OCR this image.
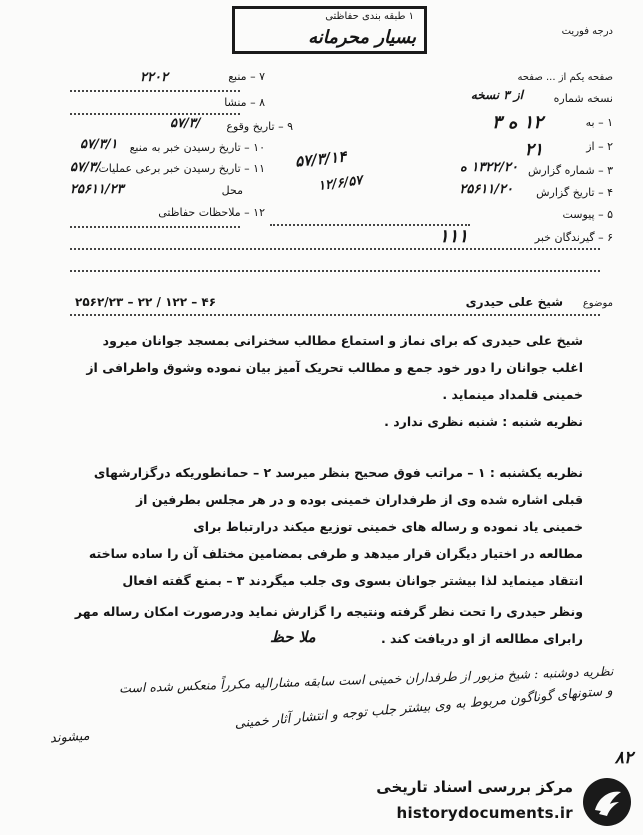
درجه فوریت
۱ طبقه بندی حفاظتی
بسیار محرمانه
۷ – منبع
۲۲۰۲
۸ – منشا
۹ – تاریخ وقوع
۵۷/۳/
۱۰ – تاریخ رسیدن خبر به منبع
۵۷/۳/۱
۱۱ – تاریخ رسیدن خبر برعی عملیات
۵۷/۳/
محل
۲۵۶۱۱/۲۳
۱۲ – ملاحظات حفاظتی
صفحه یکم از ... صفحه
نسخه شماره
از ۳ نسخه
۱ – به
۱۲ ه ۳
۲ – از
۲۱
۳ – شماره گزارش
۱۳۲۲/۲۰ ه
۴ – تاریخ گزارش
۲۵۶۱۱/۲۰
۵ – پیوست
۶ – گیرندگان خبر
۱۱۱
۵۷/۳/۱۴
۱۲/۶/۵۷
موضوع
شیخ علی حیدری
۲۵۶۲/۲۳ – ۲۲ / ۱۲۲ – ۴۶
شیخ علی حیدری که برای نماز و استماع مطالب سخنرانی بمسجد جوانان میرود
اغلب جوانان را دور خود جمع و مطالب تحریک آمیز بیان نموده وشوق واطرافی از
خمینی قلمداد مینماید .
نظریه شنبه : شنبه نظری ندارد .
نظریه یکشنبه : ۱ – مراتب فوق صحیح بنظر میرسد ۲ – حمانطوریکه درگزارشهای
قبلی اشاره شده وی از طرفداران خمینی بوده و در هر مجلس بطرفین از
خمینی یاد نموده و رساله های خمینی توزیع میکند درارتباط برای
مطالعه در اختیار دیگران قرار میدهد و طرفی بمضامین مختلف آن را ساده ساخته
انتقاد مینماید لذا بیشتر جوانان بسوی وی جلب میگردند ۳ – بمنع گفته افعال
ونظر حیدری را تحت نظر گرفته ونتیجه را گزارش نماید ودرصورت امکان رساله مهر
رابرای مطالعه از او دریافت کند .
ملا حظ
نظریه دوشنبه : شیخ مزبور از طرفداران خمینی است سابقه مشارالیه مکرراً منعکس شده است
و ستونهای گوناگون مربوط به وی بیشتر جلب توجه و انتشار آثار خمینی
میشوند
۸۲
مرکز بررسی اسناد تاریخی
historydocuments.ir
